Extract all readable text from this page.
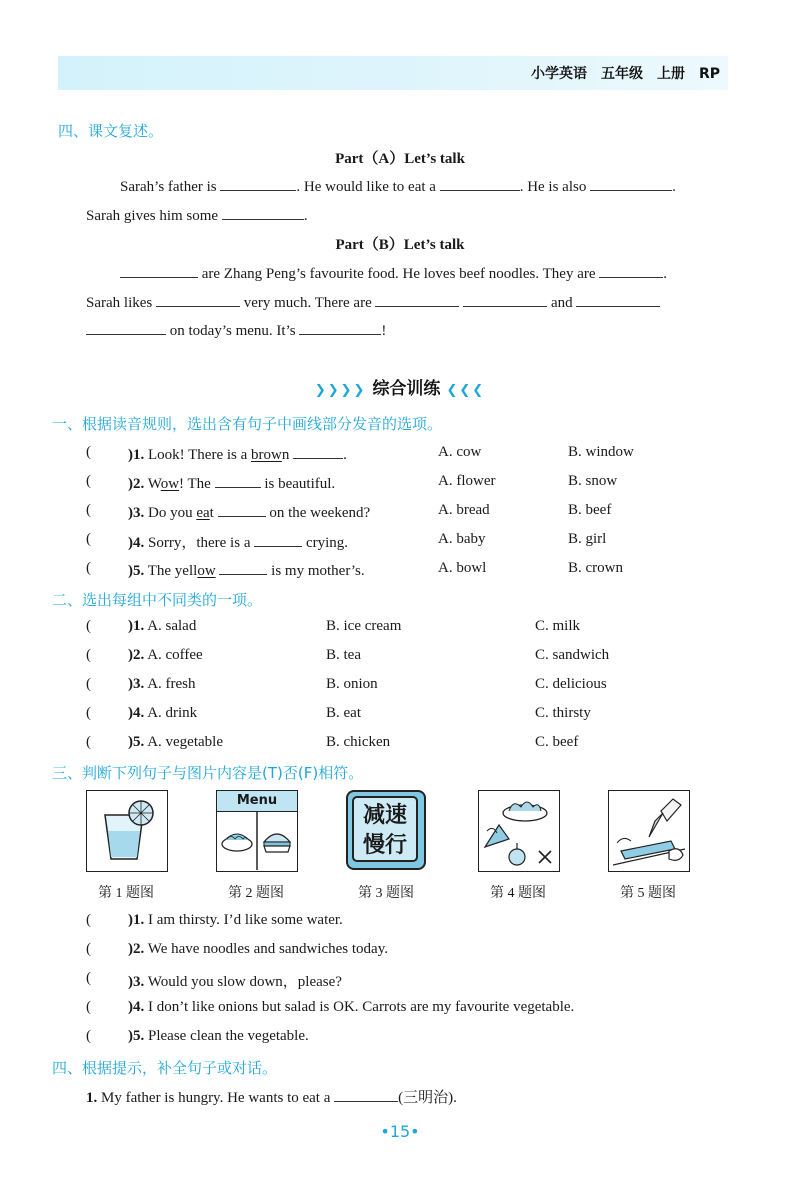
小学英语　五年级　上册　RP
四、课文复述。
Part（A）Let’s talk
Sarah’s father is	. He would like to eat a	. He is also	.
Sarah gives him some	.
Part（B）Let’s talk
are Zhang Peng’s favourite food. He loves beef noodles. They are	.
Sarah likes	very much. There are	and
on today’s menu. It’s	!
❯❯❯❯ 综合训练 ❮❮❮
一、根据读音规则，选出含有句子中画线部分发音的选项。
( )1. Look! There is a brown	.	A. cow	B. window
( )2. Wow! The	is beautiful.	A. flower	B. snow
( )3. Do you eat	on the weekend?	A. bread	B. beef
( )4. Sorry，there is a	crying.	A. baby	B. girl
( )5. The yellow	is my mother’s.	A. bowl	B. crown
二、选出每组中不同类的一项。
( )1. A. salad	B. ice cream	C. milk
( )2. A. coffee	B. tea	C. sandwich
( )3. A. fresh	B. onion	C. delicious
( )4. A. drink	B. eat	C. thirsty
( )5. A. vegetable	B. chicken	C. beef
三、判断下列句子与图片内容是(T)否(F)相符。
Menu
减速
慢行
第 1 题图	第 2 题图	第 3 题图	第 4 题图	第 5 题图
( )1. I am thirsty. I’d like some water.
( )2. We have noodles and sandwiches today.
( )3. Would you slow down，please?
( )4. I don’t like onions but salad is OK. Carrots are my favourite vegetable.
( )5. Please clean the vegetable.
四、根据提示，补全句子或对话。
1. My father is hungry. He wants to eat a	(三明治).
•15•
